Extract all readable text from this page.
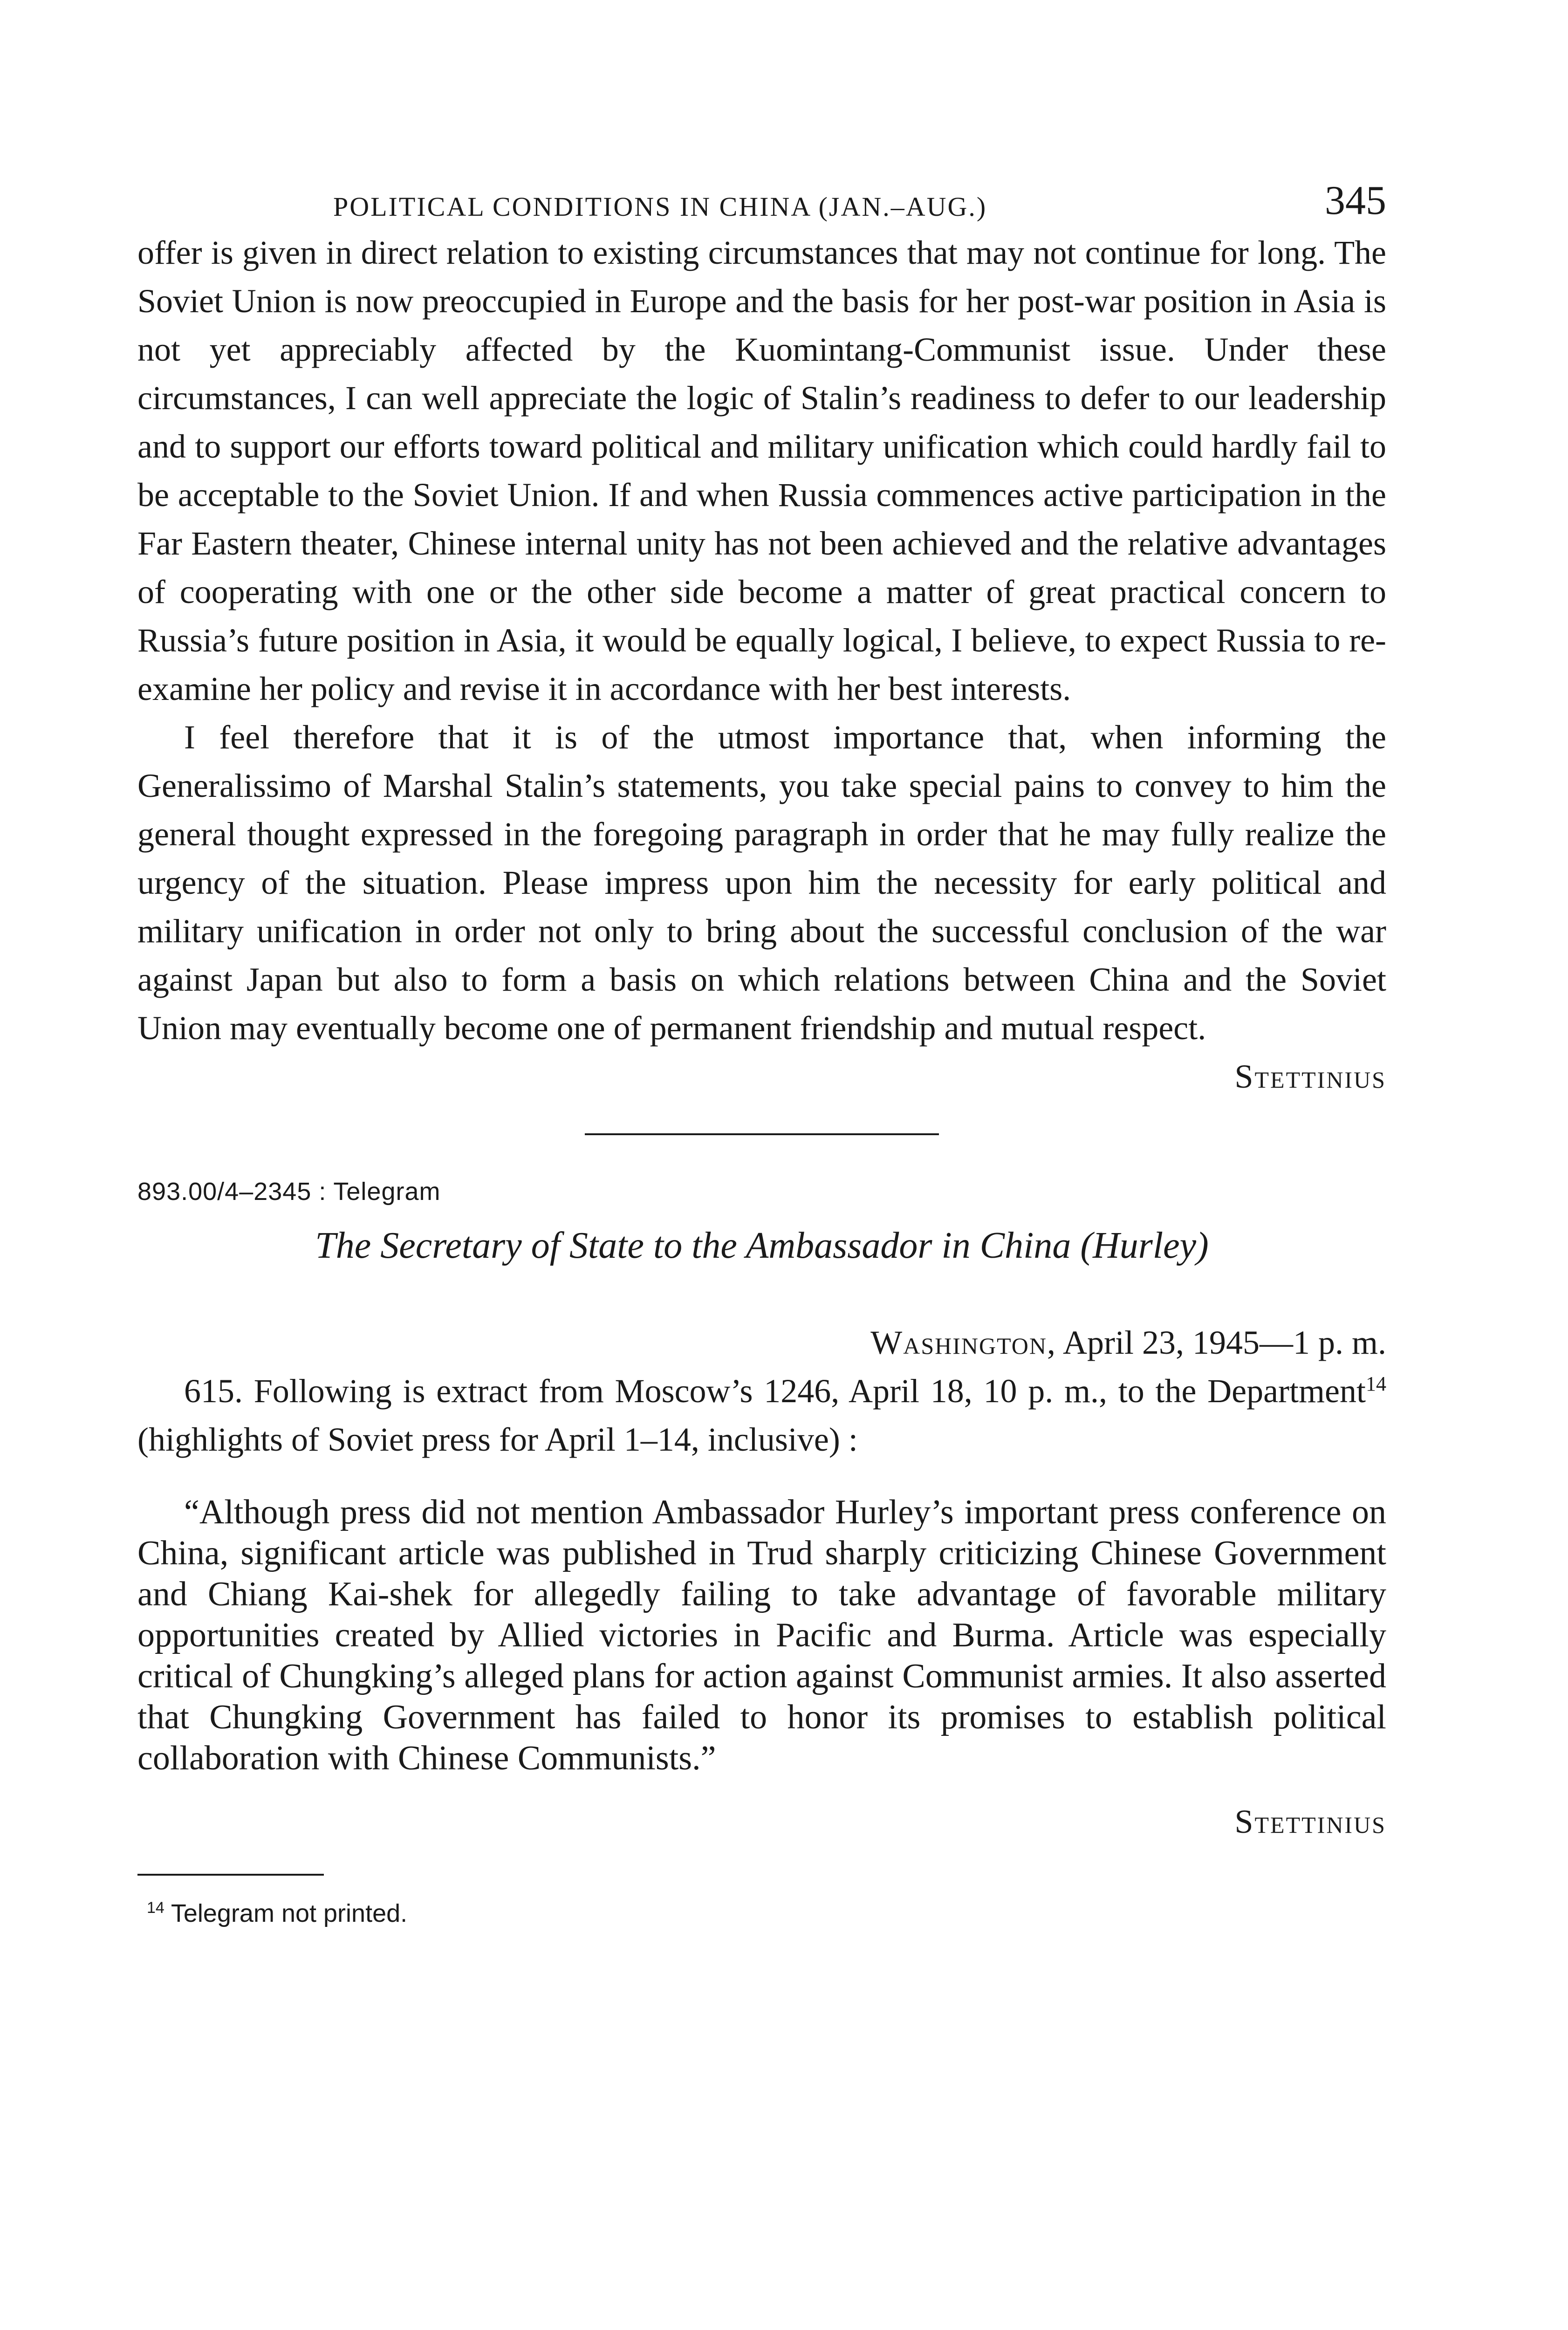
POLITICAL CONDITIONS IN CHINA (JAN.–AUG.)	345

offer is given in direct relation to existing circumstances that may not continue for long. The Soviet Union is now preoccupied in Europe and the basis for her post-war position in Asia is not yet appreciably affected by the Kuomintang-Communist issue. Under these circumstances, I can well appreciate the logic of Stalin’s readiness to defer to our leadership and to support our efforts toward political and military unification which could hardly fail to be acceptable to the Soviet Union. If and when Russia commences active participation in the Far Eastern theater, Chinese internal unity has not been achieved and the relative advantages of cooperating with one or the other side become a matter of great practical concern to Russia’s future position in Asia, it would be equally logical, I believe, to expect Russia to re-examine her policy and revise it in accordance with her best interests.

I feel therefore that it is of the utmost importance that, when informing the Generalissimo of Marshal Stalin’s statements, you take special pains to convey to him the general thought expressed in the foregoing paragraph in order that he may fully realize the urgency of the situation. Please impress upon him the necessity for early political and military unification in order not only to bring about the successful conclusion of the war against Japan but also to form a basis on which relations between China and the Soviet Union may eventually become one of permanent friendship and mutual respect.

Stettinius
893.00/4–2345 : Telegram
The Secretary of State to the Ambassador in China (Hurley)
Washington, April 23, 1945—1 p. m.

615. Following is extract from Moscow’s 1246, April 18, 10 p. m., to the Department$^{14}$ (highlights of Soviet press for April 1–14, inclusive) :

“Although press did not mention Ambassador Hurley’s important press conference on China, significant article was published in Trud sharply criticizing Chinese Government and Chiang Kai-shek for allegedly failing to take advantage of favorable military opportunities created by Allied victories in Pacific and Burma. Article was especially critical of Chungking’s alleged plans for action against Communist armies. It also asserted that Chungking Government has failed to honor its promises to establish political collaboration with Chinese Communists.”

Stettinius
$^{14}$ Telegram not printed.
